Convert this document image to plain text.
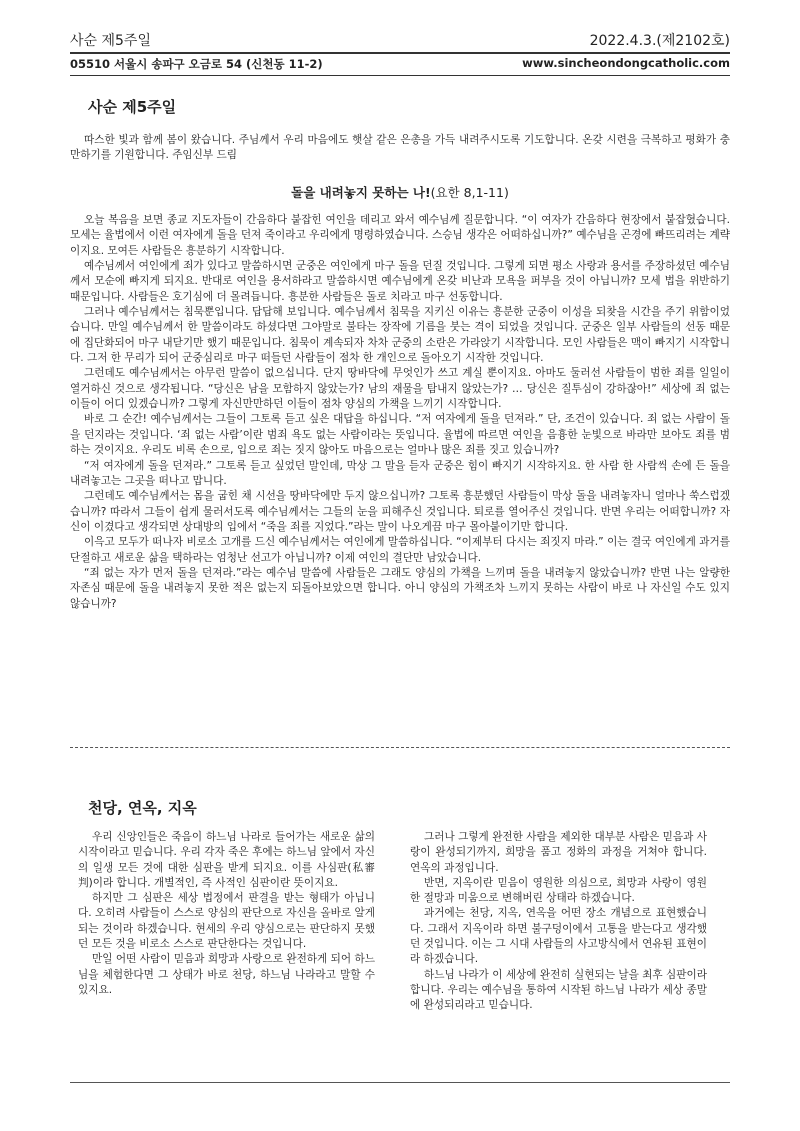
사순 제5주일	2022.4.3.(제2102호)
05510 서울시 송파구 오금로 54 (신천동 11-2)	www.sincheondongcatholic.com
사순 제5주일

따스한 빛과 함께 봄이 왔습니다. 주님께서 우리 마음에도 햇살 같은 은총을 가득 내려주시도록 기도합니다. 온갖 시련을 극복하고 평화가 충만하기를 기원합니다. 주임신부 드림

돌을 내려놓지 못하는 나!(요한 8,1-11)

오늘 복음을 보면 종교 지도자들이 간음하다 붙잡힌 여인을 데리고 와서 예수님께 질문합니다. “이 여자가 간음하다 현장에서 붙잡혔습니다. 모세는 율법에서 이런 여자에게 돌을 던져 죽이라고 우리에게 명령하였습니다. 스승님 생각은 어떠하십니까?” 예수님을 곤경에 빠뜨리려는 계략이지요. 모여든 사람들은 흥분하기 시작합니다.

예수님께서 여인에게 죄가 있다고 말씀하시면 군중은 여인에게 마구 돌을 던질 것입니다. 그렇게 되면 평소 사랑과 용서를 주장하셨던 예수님께서 모순에 빠지게 되지요. 반대로 여인을 용서하라고 말씀하시면 예수님에게 온갖 비난과 모욕을 퍼부을 것이 아닙니까? 모세 법을 위반하기 때문입니다. 사람들은 호기심에 더 몰려듭니다. 흥분한 사람들은 돌로 치라고 마구 선동합니다.

그러나 예수님께서는 침묵뿐입니다. 답답해 보입니다. 예수님께서 침묵을 지키신 이유는 흥분한 군중이 이성을 되찾을 시간을 주기 위함이었습니다. 만일 예수님께서 한 말씀이라도 하셨다면 그야말로 불타는 장작에 기름을 붓는 격이 되었을 것입니다. 군중은 일부 사람들의 선동 때문에 집단화되어 마구 내닫기만 했기 때문입니다. 침묵이 계속되자 차차 군중의 소란은 가라앉기 시작합니다. 모인 사람들은 맥이 빠지기 시작합니다. 그저 한 무리가 되어 군중심리로 마구 떠들던 사람들이 점차 한 개인으로 돌아오기 시작한 것입니다.

그런데도 예수님께서는 아무런 말씀이 없으십니다. 단지 땅바닥에 무엇인가 쓰고 계실 뿐이지요. 아마도 둘러선 사람들이 범한 죄를 일일이 열거하신 것으로 생각됩니다. “당신은 남을 모함하지 않았는가? 남의 재물을 탐내지 않았는가? … 당신은 질투심이 강하잖아!” 세상에 죄 없는 이들이 어디 있겠습니까? 그렇게 자신만만하던 이들이 점차 양심의 가책을 느끼기 시작합니다.

바로 그 순간! 예수님께서는 그들이 그토록 듣고 싶은 대답을 하십니다. “저 여자에게 돌을 던져라.” 단, 조건이 있습니다. 죄 없는 사람이 돌을 던지라는 것입니다. ‘죄 없는 사람’이란 범죄 욕도 없는 사람이라는 뜻입니다. 율법에 따르면 여인을 음흉한 눈빛으로 바라만 보아도 죄를 범하는 것이지요. 우리도 비록 손으로, 입으로 죄는 짓지 않아도 마음으로는 얼마나 많은 죄를 짓고 있습니까?

“저 여자에게 돌을 던져라.” 그토록 듣고 싶었던 말인데, 막상 그 말을 듣자 군중은 힘이 빠지기 시작하지요. 한 사람 한 사람씩 손에 든 돌을 내려놓고는 그곳을 떠나고 맙니다.

그런데도 예수님께서는 몸을 굽힌 채 시선을 땅바닥에만 두지 않으십니까? 그토록 흥분했던 사람들이 막상 돌을 내려놓자니 얼마나 쑥스럽겠습니까? 따라서 그들이 쉽게 물러서도록 예수님께서는 그들의 눈을 피해주신 것입니다. 퇴로를 열어주신 것입니다. 반면 우리는 어떠합니까? 자신이 이겼다고 생각되면 상대방의 입에서 “죽을 죄를 지었다.”라는 말이 나오게끔 마구 몰아붙이기만 합니다.

이윽고 모두가 떠나자 비로소 고개를 드신 예수님께서는 여인에게 말씀하십니다. “이제부터 다시는 죄짓지 마라.” 이는 결국 여인에게 과거를 단절하고 새로운 삶을 택하라는 엄청난 선고가 아닙니까? 이제 여인의 결단만 남았습니다.

“죄 없는 자가 먼저 돌을 던져라.”라는 예수님 말씀에 사람들은 그래도 양심의 가책을 느끼며 돌을 내려놓지 않았습니까? 반면 나는 알량한 자존심 때문에 돌을 내려놓지 못한 적은 없는지 되돌아보았으면 합니다. 아니 양심의 가책조차 느끼지 못하는 사람이 바로 나 자신일 수도 있지 않습니까?

천당, 연옥, 지옥

우리 신앙인들은 죽음이 하느님 나라로 들어가는 새로운 삶의 시작이라고 믿습니다. 우리 각자 죽은 후에는 하느님 앞에서 자신의 일생 모든 것에 대한 심판을 받게 되지요. 이를 사심판(私審判)이라 합니다. 개별적인, 즉 사적인 심판이란 뜻이지요.

하지만 그 심판은 세상 법정에서 판결을 받는 형태가 아닙니다. 오히려 사람들이 스스로 양심의 판단으로 자신을 올바로 알게 되는 것이라 하겠습니다. 현세의 우리 양심으로는 판단하지 못했던 모든 것을 비로소 스스로 판단한다는 것입니다.

만일 어떤 사람이 믿음과 희망과 사랑으로 완전하게 되어 하느님을 체험한다면 그 상태가 바로 천당, 하느님 나라라고 말할 수 있지요.

그러나 그렇게 완전한 사람을 제외한 대부분 사람은 믿음과 사랑이 완성되기까지, 희망을 품고 정화의 과정을 거쳐야 합니다. 연옥의 과정입니다.

반면, 지옥이란 믿음이 영원한 의심으로, 희망과 사랑이 영원한 절망과 미움으로 변해버린 상태라 하겠습니다.

과거에는 천당, 지옥, 연옥을 어떤 장소 개념으로 표현했습니다. 그래서 지옥이라 하면 불구덩이에서 고통을 받는다고 생각했던 것입니다. 이는 그 시대 사람들의 사고방식에서 연유된 표현이라 하겠습니다.

하느님 나라가 이 세상에 완전히 실현되는 날을 최후 심판이라 합니다. 우리는 예수님을 통하여 시작된 하느님 나라가 세상 종말에 완성되리라고 믿습니다.
